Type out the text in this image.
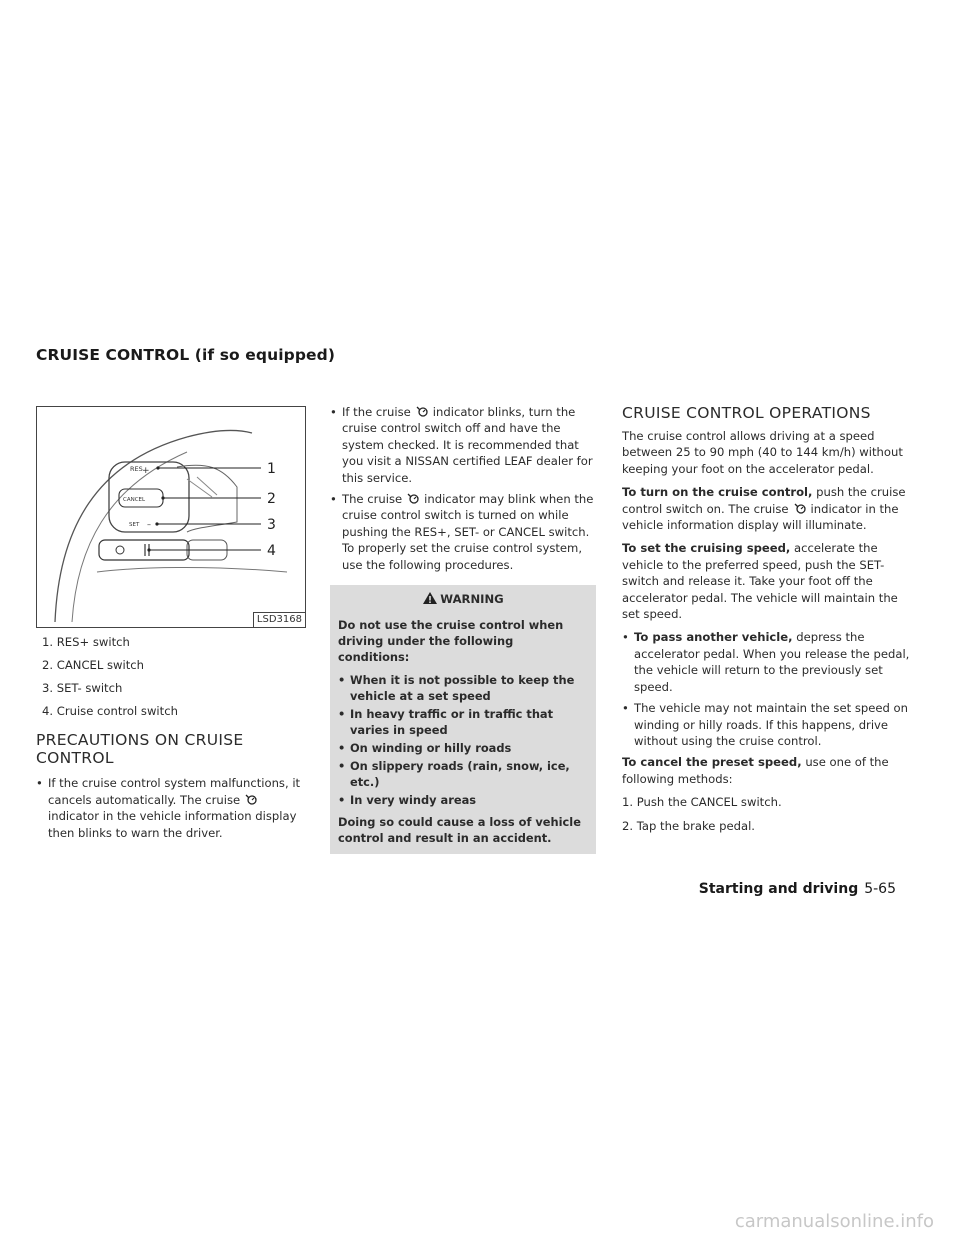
CRUISE CONTROL (if so equipped)
RES
CANCEL
SET
+
–
1
2
3
4
LSD3168
1. RES+ switch
2. CANCEL switch
3. SET- switch
4. Cruise control switch
PRECAUTIONS ON CRUISE
CONTROL
• If the cruise control system malfunctions, it cancels automatically. The cruiseindicator in the vehicle information display then blinks to warn the driver.
• If the cruise indicator blinks, turn the cruise control switch off and have the system checked. It is recommended that you visit a NISSAN certified LEAF dealer for this service.
• The cruise indicator may blink when the cruise control switch is turned on while pushing the RES+, SET- or CANCEL switch. To properly set the cruise control system, use the following procedures.
WARNING

Do not use the cruise control when driving under the following conditions:

• When it is not possible to keep the vehicle at a set speed
• In heavy traffic or in traffic that varies in speed
• On winding or hilly roads
• On slippery roads (rain, snow, ice, etc.)
• In very windy areas

Doing so could cause a loss of vehicle control and result in an accident.

CRUISE CONTROL OPERATIONS

The cruise control allows driving at a speed between 25 to 90 mph (40 to 144 km/h) without keeping your foot on the accelerator pedal.

To turn on the cruise control, push the cruise control switch on. The cruise indicator in the vehicle information display will illuminate.

To set the cruising speed, accelerate the vehicle to the preferred speed, push the SET- switch and release it. Take your foot off the accelerator pedal. The vehicle will maintain the set speed.

• To pass another vehicle, depress the accelerator pedal. When you release the pedal, the vehicle will return to the previously set speed.
• The vehicle may not maintain the set speed on winding or hilly roads. If this happens, drive without using the cruise control.

To cancel the preset speed, use one of the following methods:

1. Push the CANCEL switch.

2. Tap the brake pedal.

Starting and driving 5-65
carmanualsonline.info
